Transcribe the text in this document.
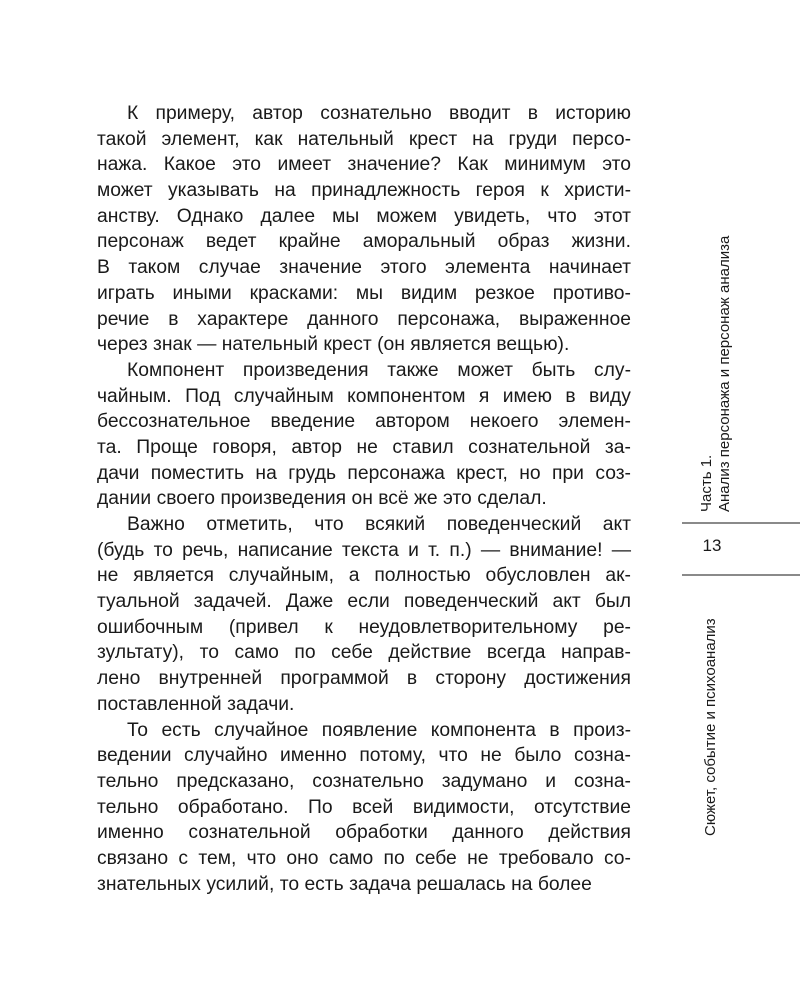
К примеру, автор сознательно вводит в историю
такой элемент, как нательный крест на груди персо-
нажа. Какое это имеет значение? Как минимум это
может указывать на принадлежность героя к христи-
анству. Однако далее мы можем увидеть, что этот
персонаж ведет крайне аморальный образ жизни.
В таком случае значение этого элемента начинает
играть иными красками: мы видим резкое противо-
речие в характере данного персонажа, выраженное
через знак — нательный крест (он является вещью).
Компонент произведения также может быть слу-
чайным. Под случайным компонентом я имею в виду
бессознательное введение автором некоего элемен-
та. Проще говоря, автор не ставил сознательной за-
дачи поместить на грудь персонажа крест, но при соз-
дании своего произведения он всё же это сделал.
Важно отметить, что всякий поведенческий акт
(будь то речь, написание текста и т. п.) — внимание! —
не является случайным, а полностью обусловлен ак-
туальной задачей. Даже если поведенческий акт был
ошибочным (привел к неудовлетворительному ре-
зультату), то само по себе действие всегда направ-
лено внутренней программой в сторону достижения
поставленной задачи.
То есть случайное появление компонента в произ-
ведении случайно именно потому, что не было созна-
тельно предсказано, сознательно задумано и созна-
тельно обработано. По всей видимости, отсутствие
именно сознательной обработки данного действия
связано с тем, что оно само по себе не требовало со-
знательных усилий, то есть задача решалась на более
Часть 1. Анализ персонажа и персонаж анализа
13
Сюжет, событие и психоанализ
